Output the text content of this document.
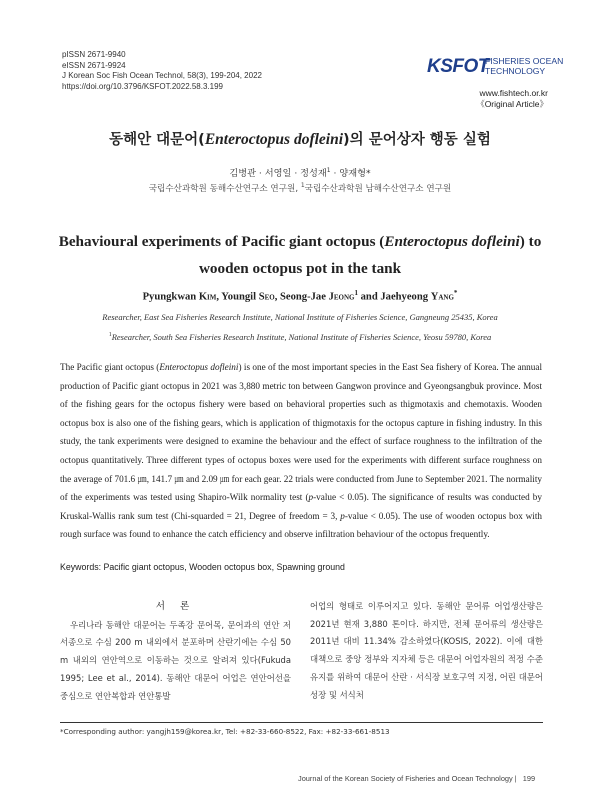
pISSN 2671-9940
eISSN 2671-9924
J Korean Soc Fish Ocean Technol, 58(3), 199-204, 2022
https://doi.org/10.3796/KSFOT.2022.58.3.199
KSFOT
FISHERIES OCEAN
TECHNOLOGY
www.fishtech.or.kr
《Original Article》
동해안 대문어(Enteroctopus dofleini)의 문어상자 행동 실험
김병관 · 서영일 · 정성재$^1$ · 양재형*
국립수산과학원 동해수산연구소 연구원, $^1$국립수산과학원 남해수산연구소 연구원
Behavioural experiments of Pacific giant octopus (Enteroctopus dofleini) to wooden octopus pot in the tank
Pyungkwan Kim, Youngil Seo, Seong-Jae Jeong$^1$ and Jaehyeong Yang*
Researcher, East Sea Fisheries Research Institute, National Institute of Fisheries Science, Gangneung 25435, Korea
$^1$Researcher, South Sea Fisheries Research Institute, National Institute of Fisheries Science, Yeosu 59780, Korea
The Pacific giant octopus (Enteroctopus dofleini) is one of the most important species in the East Sea fishery of Korea. The annual production of Pacific giant octopus in 2021 was 3,880 metric ton between Gangwon province and Gyeongsangbuk province. Most of the fishing gears for the octopus fishery were based on behavioral properties such as thigmotaxis and chemotaxis. Wooden octopus box is also one of the fishing gears, which is application of thigmotaxis for the octopus capture in fishing industry. In this study, the tank experiments were designed to examine the behaviour and the effect of surface roughness to the infiltration of the octopus quantitatively. Three different types of octopus boxes were used for the experiments with different surface roughness on the average of 701.6 ㎛, 141.7 ㎛ and 2.09 ㎛ for each gear. 22 trials were conducted from June to September 2021. The normality of the experiments was tested using Shapiro-Wilk normality test (p-value < 0.05). The significance of results was conducted by Kruskal-Wallis rank sum test (Chi-squarded = 21, Degree of freedom = 3, p-value < 0.05). The use of wooden octopus box with rough surface was found to enhance the catch efficiency and observe infiltration behaviour of the octopus frequently.
Keywords: Pacific giant octopus, Wooden octopus box, Spawning ground
서 론
우리나라 동해안 대문어는 두족강 문어목, 문어과의 연안 저서종으로 수심 200 m 내외에서 분포하며 산란기에는 수심 50 m 내외의 연안역으로 이동하는 것으로 알려져 있다(Fukuda 1995; Lee et al., 2014). 동해안 대문어 어업은 연안어선을 중심으로 연안복합과 연안통발
어업의 형태로 이루어지고 있다. 동해안 문어류 어업생산량은 2021년 현재 3,880 톤이다. 하지만, 전체 문어류의 생산량은 2011년 대비 11.34% 감소하였다(KOSIS, 2022). 이에 대한 대책으로 중앙 정부와 지자체 등은 대문어 어업자원의 적정 수준 유지를 위하여 대문어 산란 · 서식장 보호구역 지정, 어린 대문어 성장 및 서식처
*Corresponding author: yangjh159@korea.kr, Tel: +82-33-660-8522, Fax: +82-33-661-8513
Journal of the Korean Society of Fisheries and Ocean Technology | 199
